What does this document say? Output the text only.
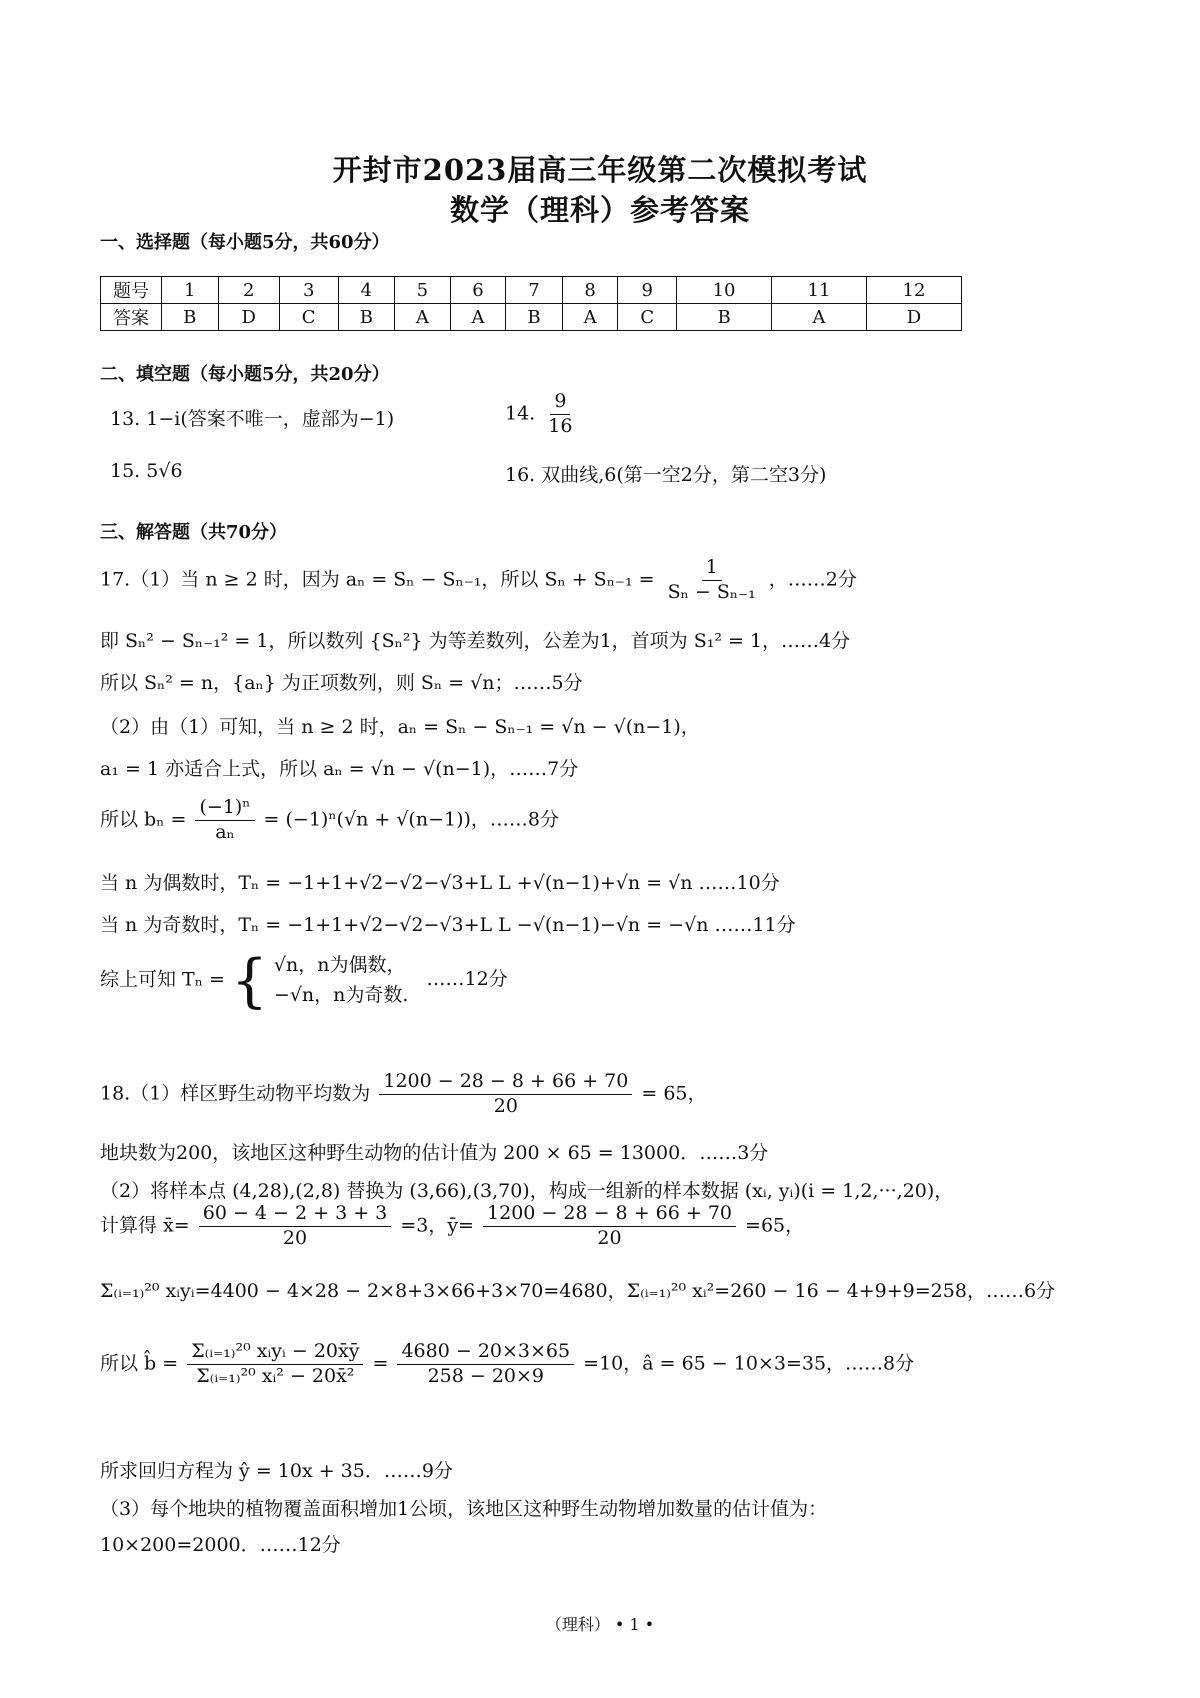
开封市2023届高三年级第二次模拟考试
数学（理科）参考答案
一、选择题（每小题5分，共60分）
题号	1	2	3	4	5	6	7	8	9	10	11	12
答案	B	D	C	B	A	A	B	A	C	B	A	D
二、填空题（每小题5分，共20分）
13. 1−i(答案不唯一，虚部为−1)	14. $\frac{9}{16}$
15. 5√6	16. 双曲线,6(第一空2分，第二空3分)
三、解答题（共70分）
17.（1）当 n ≥ 2 时，因为 aₙ = Sₙ − Sₙ₋₁，所以 $S_n + S_{n-1} = \frac{1}{\text{Sₙ − Sₙ₋₁}}$ ，……2分
即 Sₙ² − Sₙ₋₁² = 1，所以数列 {Sₙ²} 为等差数列，公差为1，首项为 S₁² = 1，……4分
所以 Sₙ² = n，{aₙ} 为正项数列，则 Sₙ = √n；……5分
（2）由（1）可知，当 n ≥ 2 时，aₙ = Sₙ − Sₙ₋₁ = √n − √(n−1)，
a₁ = 1 亦适合上式，所以 aₙ = √n − √(n−1)，……7分
所以 $b_n = \frac{\text{(−1)ⁿ}}{\text{aₙ}} = (-1)^n(√n + √(n-1))$，……8分
当 n 为偶数时，Tₙ = −1+1+√2−√2−√3+L L +√(n−1)+√n = √n ……10分
当 n 为奇数时，Tₙ = −1+1+√2−√2−√3+L L −√(n−1)−√n = −√n ……11分
综上可知 Tₙ = { √n，n为偶数，
−√n，n为奇数.
……12分
18.（1）样区野生动物平均数为 $\frac{1200 - 28 - 8 + 66 + 70}{20} = 65$，
地块数为200，该地区这种野生动物的估计值为 200 × 65 = 13000．……3分
（2）将样本点 (4,28),(2,8) 替换为 (3,66),(3,70)，构成一组新的样本数据 (xᵢ, yᵢ)(i = 1,2,···,20)，
计算得 x̄= $\frac{60 - 4 - 2 + 3 + 3}{20} =3$，ȳ= $\frac{1200 - 28 - 8 + 66 + 70}{20} =65$，
Σ₍ᵢ₌₁₎²⁰ xᵢyᵢ=4400 − 4×28 − 2×8+3×66+3×70=4680，Σ₍ᵢ₌₁₎²⁰ xᵢ²=260 − 16 − 4+9+9=258，……6分
所以 b̂ = $\frac{\text{Σ₍ᵢ₌₁₎²⁰ xᵢyᵢ − 20x̄ȳ}}{\text{Σ₍ᵢ₌₁₎²⁰ xᵢ² − 20x̄²}} = \frac{4680 - 20\times 3\times 65}{258 - 20\times 9} =10$，â = 65 − 10×3=35，……8分
所求回归方程为 ŷ = 10x + 35．……9分
（3）每个地块的植物覆盖面积增加1公顷，该地区这种野生动物增加数量的估计值为：
10×200=2000．……12分
（理科） • 1 •
